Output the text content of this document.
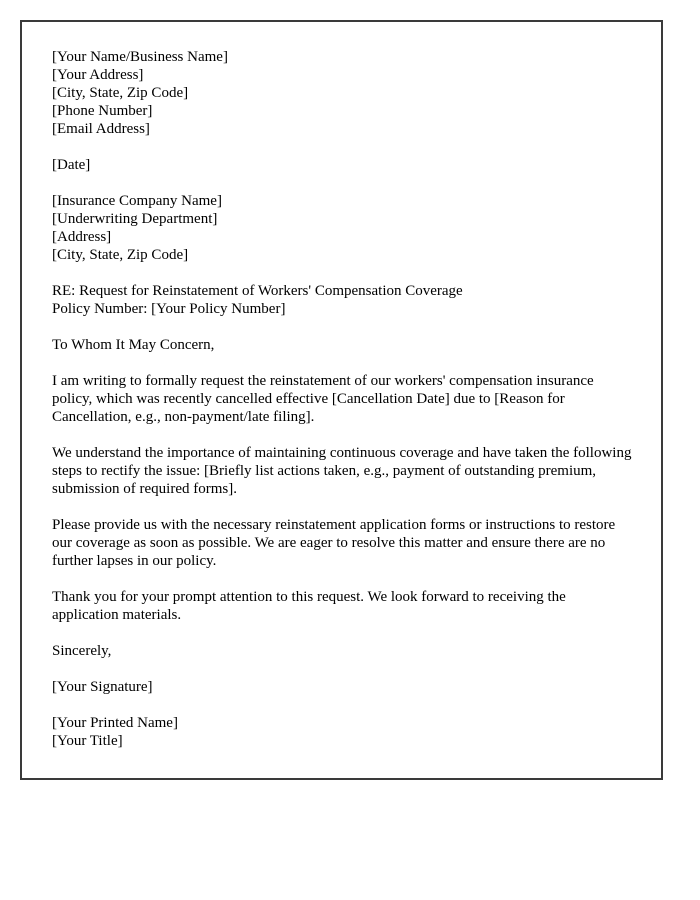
[Your Name/Business Name]
[Your Address]
[City, State, Zip Code]
[Phone Number]
[Email Address]
[Date]
[Insurance Company Name]
[Underwriting Department]
[Address]
[City, State, Zip Code]
RE: Request for Reinstatement of Workers' Compensation Coverage
Policy Number: [Your Policy Number]
To Whom It May Concern,
I am writing to formally request the reinstatement of our workers' compensation insurance policy, which was recently cancelled effective [Cancellation Date] due to [Reason for Cancellation, e.g., non-payment/late filing].
We understand the importance of maintaining continuous coverage and have taken the following steps to rectify the issue: [Briefly list actions taken, e.g., payment of outstanding premium, submission of required forms].
Please provide us with the necessary reinstatement application forms or instructions to restore our coverage as soon as possible. We are eager to resolve this matter and ensure there are no further lapses in our policy.
Thank you for your prompt attention to this request. We look forward to receiving the application materials.
Sincerely,
[Your Signature]
[Your Printed Name]
[Your Title]
